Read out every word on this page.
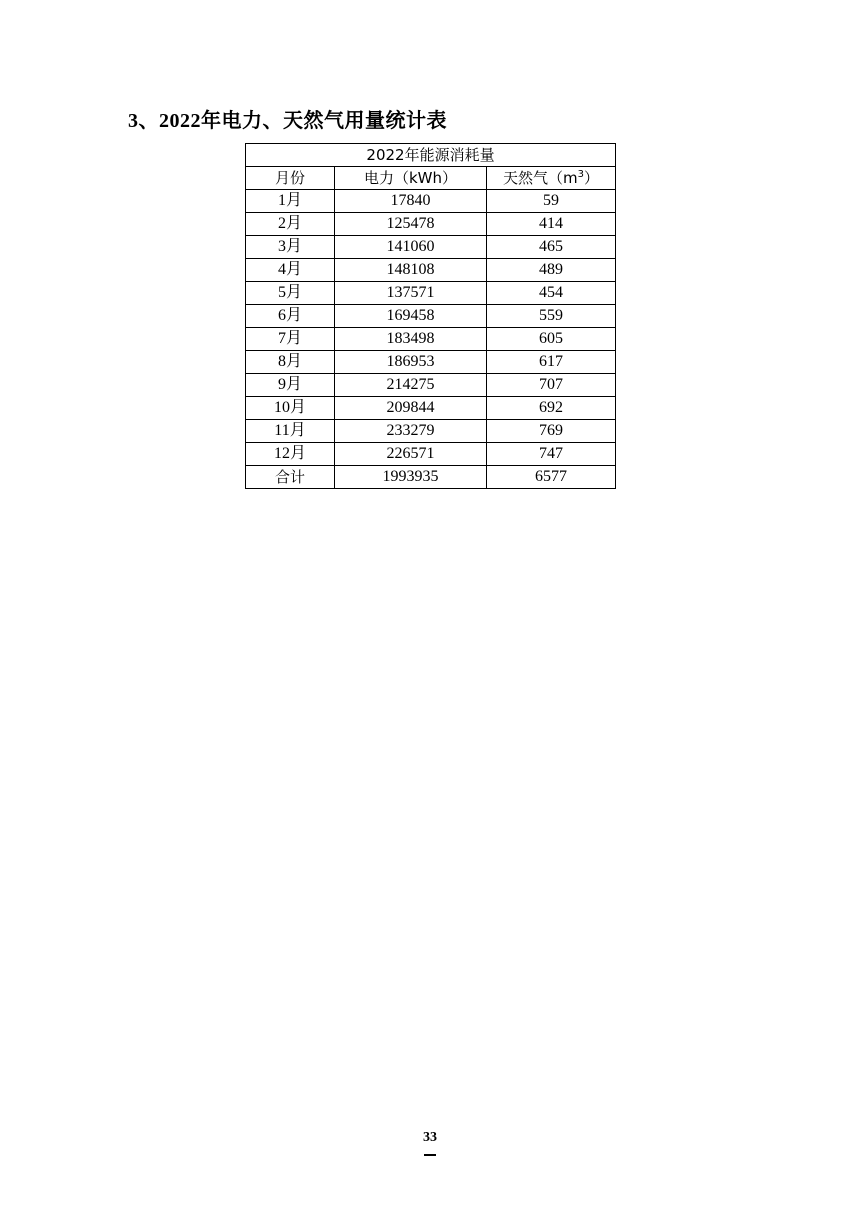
3、2022年电力、天然气用量统计表
2022年能源消耗量		
月份	电力（kWh）	天然气$(m^3)$
1月	17840	59
2月	125478	414
3月	141060	465
4月	148108	489
5月	137571	454
6月	169458	559
7月	183498	605
8月	186953	617
9月	214275	707
10月	209844	692
11月	233279	769
12月	226571	747
合计	1993935	6577
33
